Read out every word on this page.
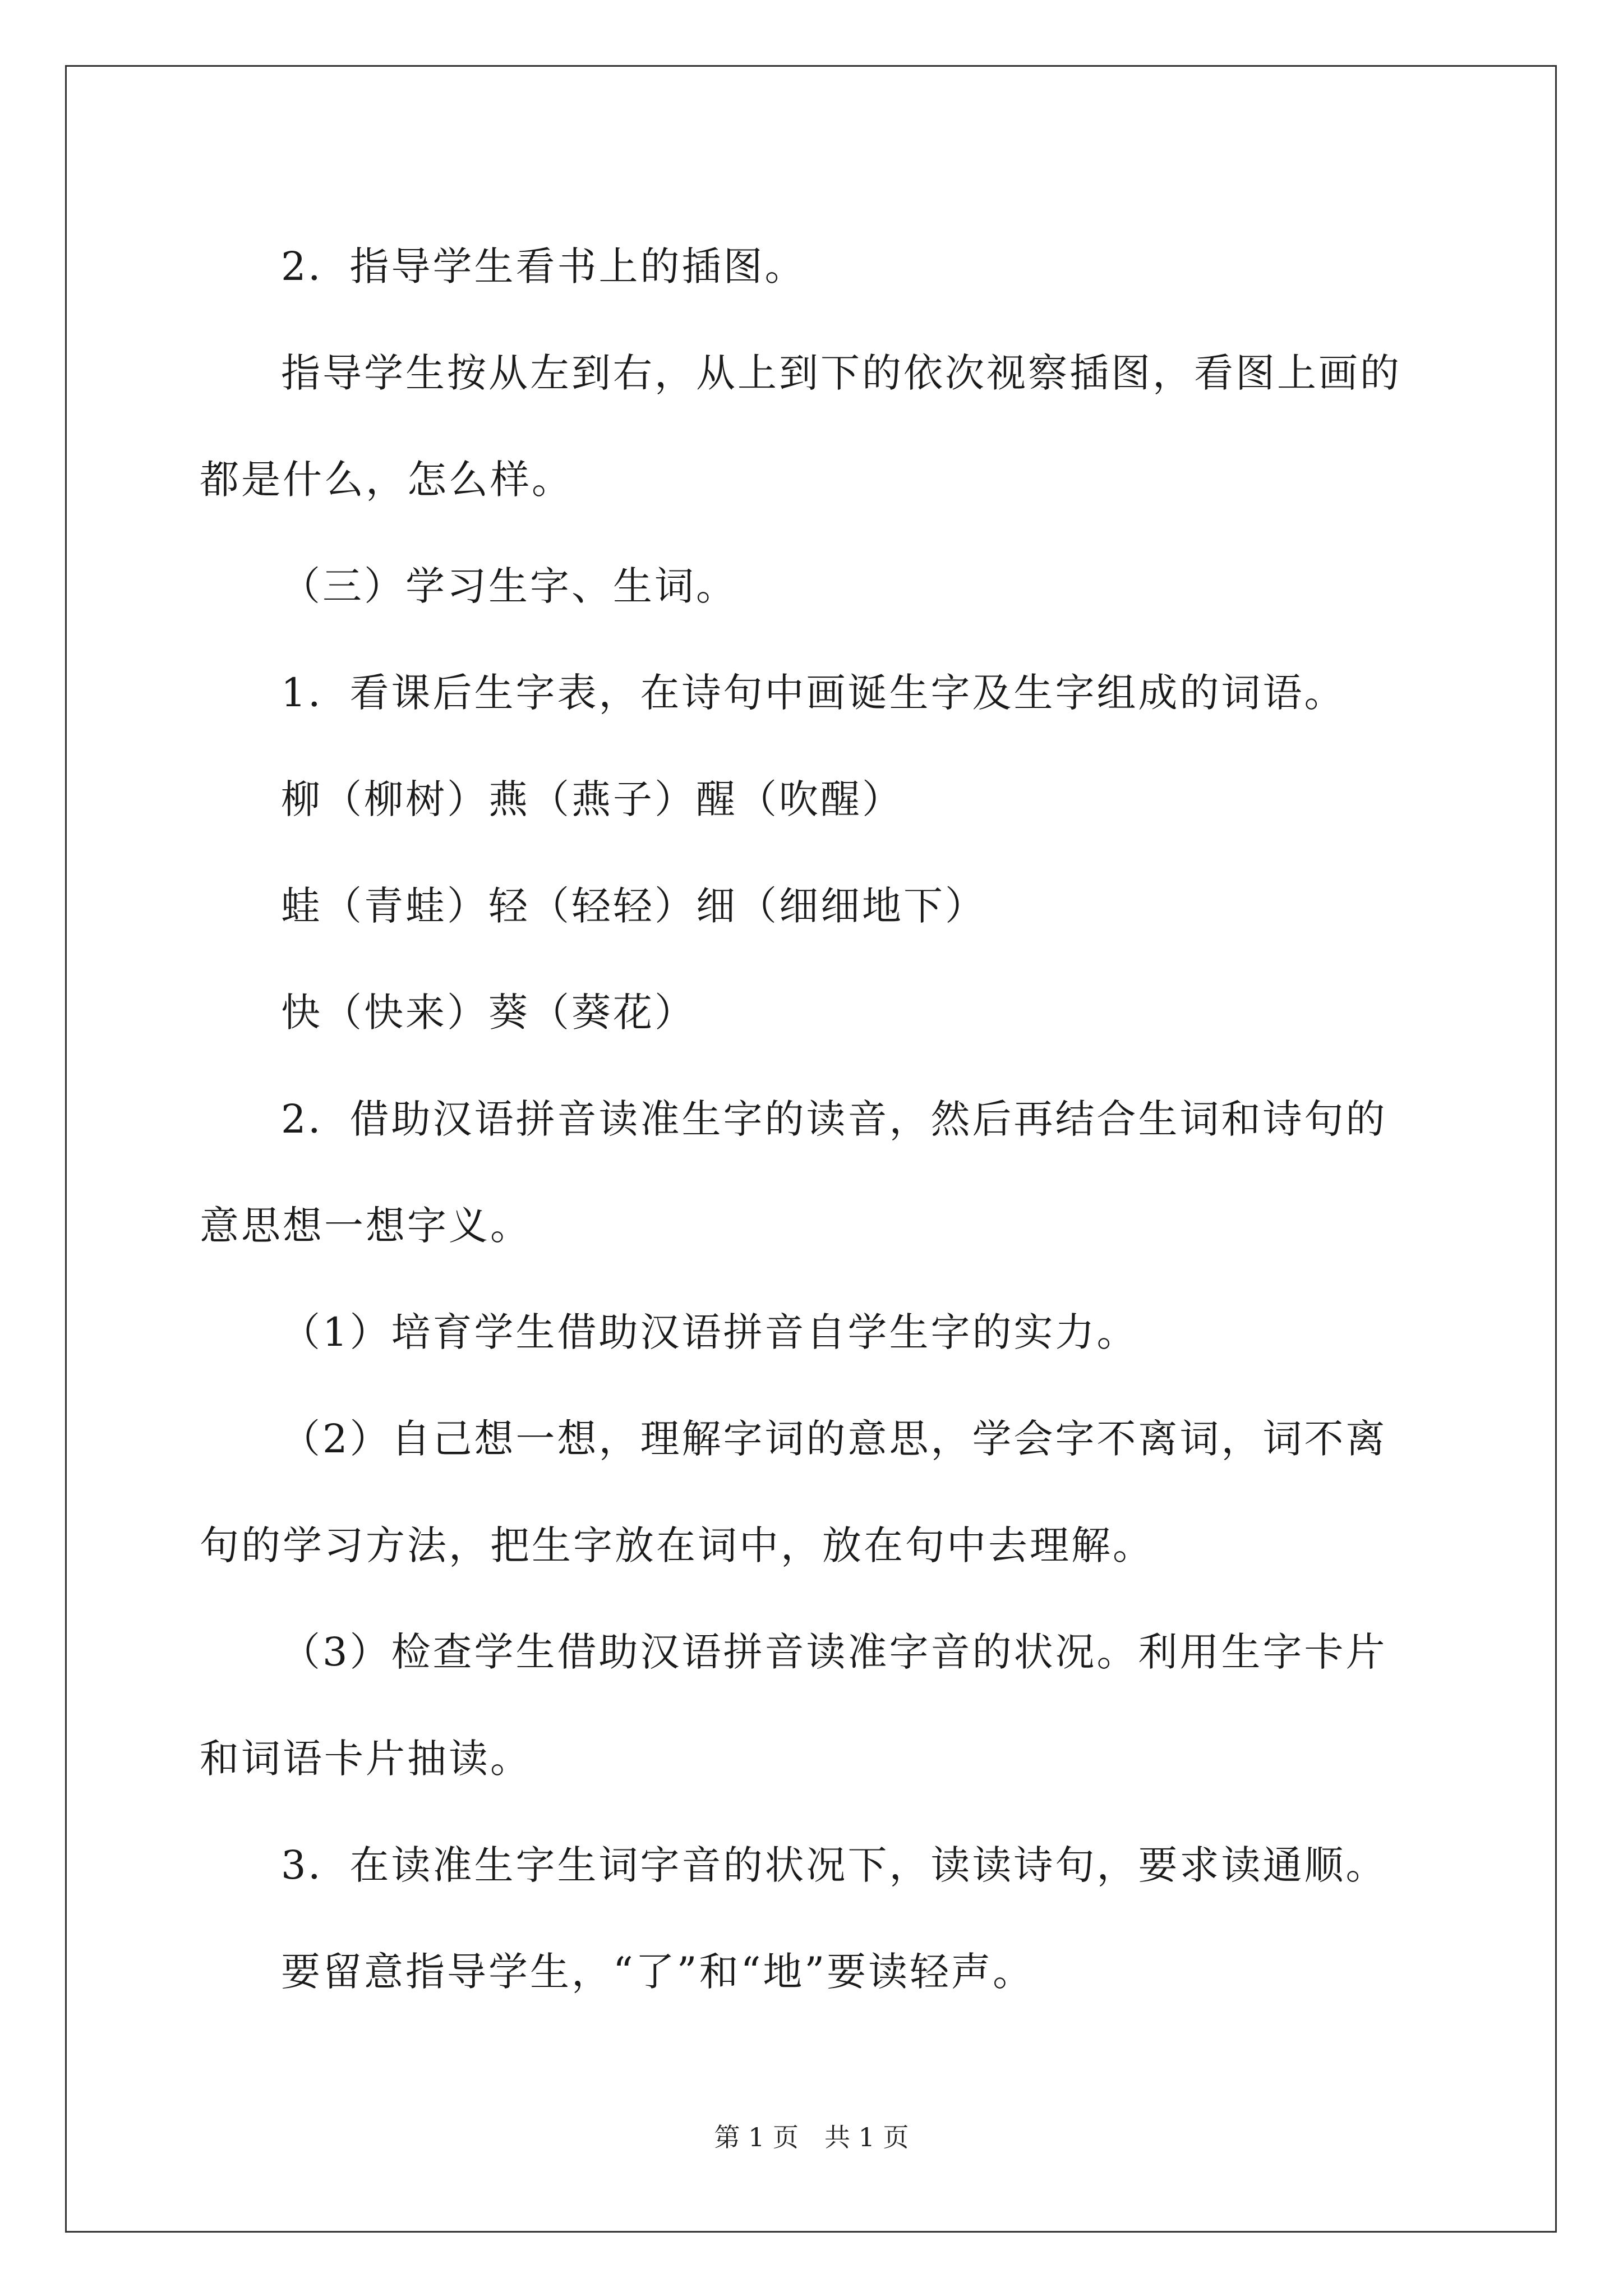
2．指导学生看书上的插图。

指导学生按从左到右，从上到下的依次视察插图，看图上画的都是什么，怎么样。

（三）学习生字、生词。

1．看课后生字表，在诗句中画诞生字及生字组成的词语。

柳（柳树）燕（燕子）醒（吹醒）

蛙（青蛙）轻（轻轻）细（细细地下）

快（快来）葵（葵花）

2．借助汉语拼音读准生字的读音，然后再结合生词和诗句的意思想一想字义。

（1）培育学生借助汉语拼音自学生字的实力。

（2）自己想一想，理解字词的意思，学会字不离词，词不离句的学习方法，把生字放在词中，放在句中去理解。

（3）检查学生借助汉语拼音读准字音的状况。利用生字卡片和词语卡片抽读。

3．在读准生字生词字音的状况下，读读诗句，要求读通顺。

要留意指导学生，“了”和“地”要读轻声。

第 1 页　共 1 页
